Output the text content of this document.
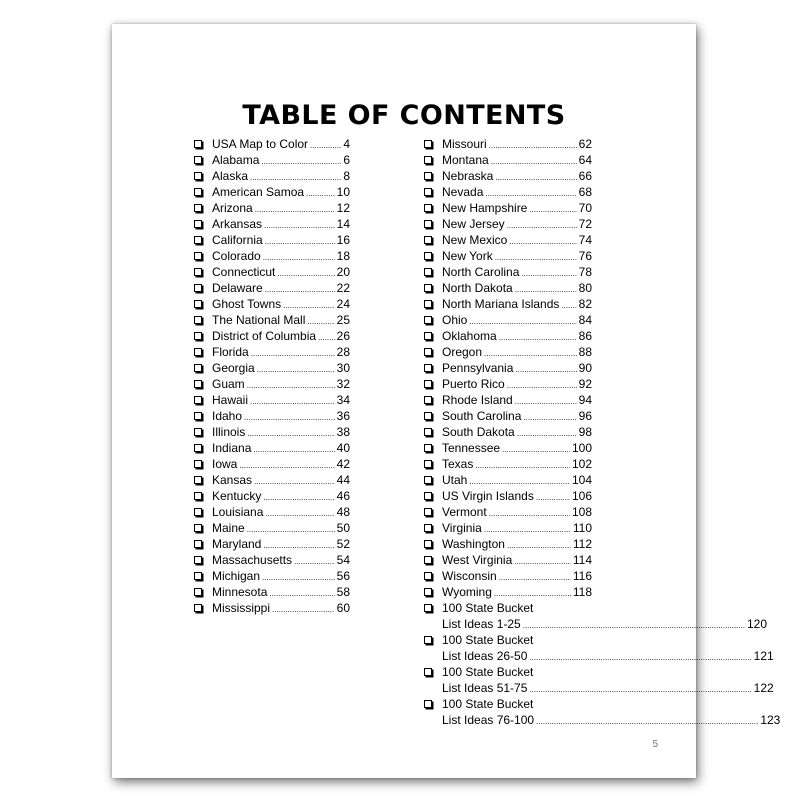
TABLE OF CONTENTS
USA Map to Color .....	4
Alabama .....	6
Alaska .....	8
American Samoa .....	10
Arizona .....	12
Arkansas .....	14
California .....	16
Colorado .....	18
Connecticut .....	20
Delaware .....	22
Ghost Towns .....	24
The National Mall .....	25
District of Columbia ..... 26
Florida .....	28
Georgia .....	30
Guam .....	32
Hawaii .....	34
Idaho .....	36
Illinois .....	38
Indiana .....	40
Iowa .....	42
Kansas .....	44
Kentucky .....	46
Louisiana .....	48
Maine .....	50
Maryland .....	52
Massachusetts .....	54
Michigan .....	56
Minnesota .....	58
Mississippi .....	60
Missouri .....	62
Montana .....	64
Nebraska .....	66
Nevada .....	68
New Hampshire .....	70
New Jersey .....	72
New Mexico .....	74
New York .....	76
North Carolina .....	78
North Dakota .....	80
North Mariana Islands ..... 82
Ohio .....	84
Oklahoma .....	86
Oregon .....	88
Pennsylvania .....	90
Puerto Rico .....	92
Rhode Island .....	94
South Carolina .....	96
South Dakota .....	98
Tennessee .....	100
Texas .....	102
Utah .....	104
US Virgin Islands .....	106
Vermont .....	108
Virginia .....	110
Washington .....	112
West Virginia .....	114
Wisconsin .....	116
Wyoming .....	118
100 State Bucket
List Ideas 1-25 .....	120
100 State Bucket
List Ideas 26-50 .....	121
100 State Bucket
List Ideas 51-75 .....	122
100 State Bucket
List Ideas 76-100 .....	123
5
